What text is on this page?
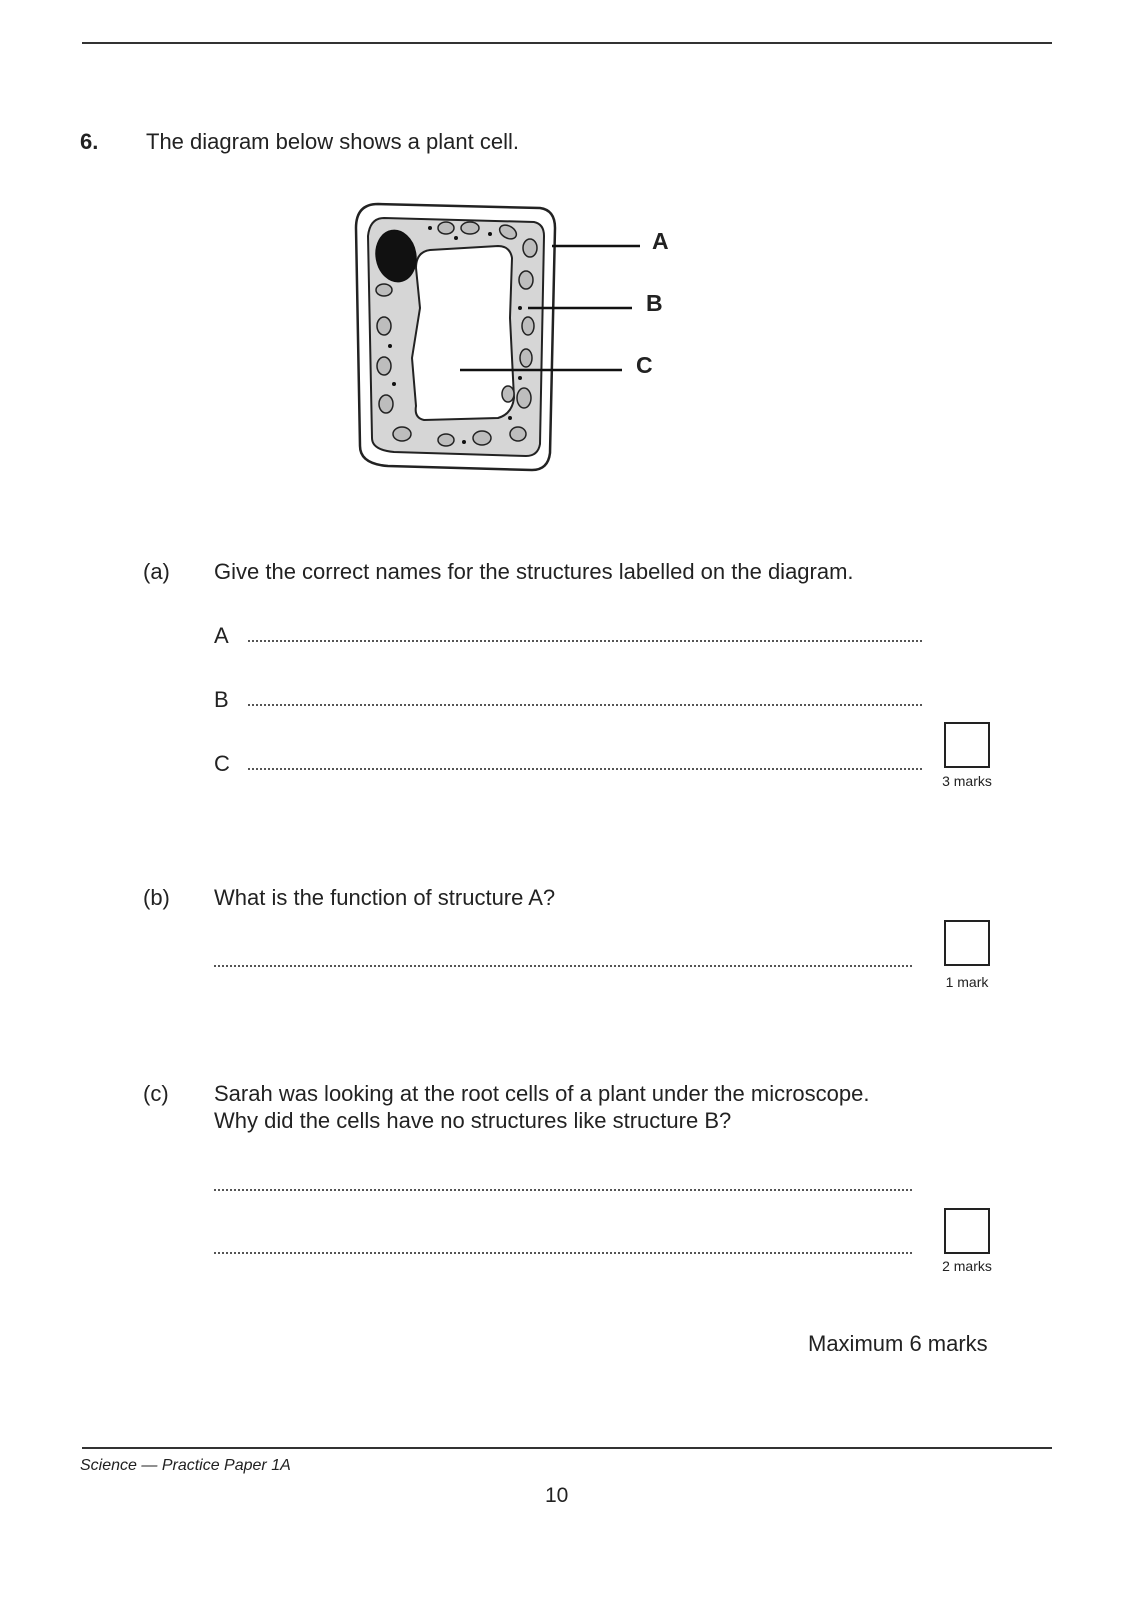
6. The diagram below shows a plant cell.
A
B
C
(a) Give the correct names for the structures labelled on the diagram.
A
B
C
3 marks
(b) What is the function of structure A?
1 mark
(c) Sarah was looking at the root cells of a plant under the microscope.
Why did the cells have no structures like structure B?
2 marks
Maximum 6 marks
Science — Practice Paper 1A
10
